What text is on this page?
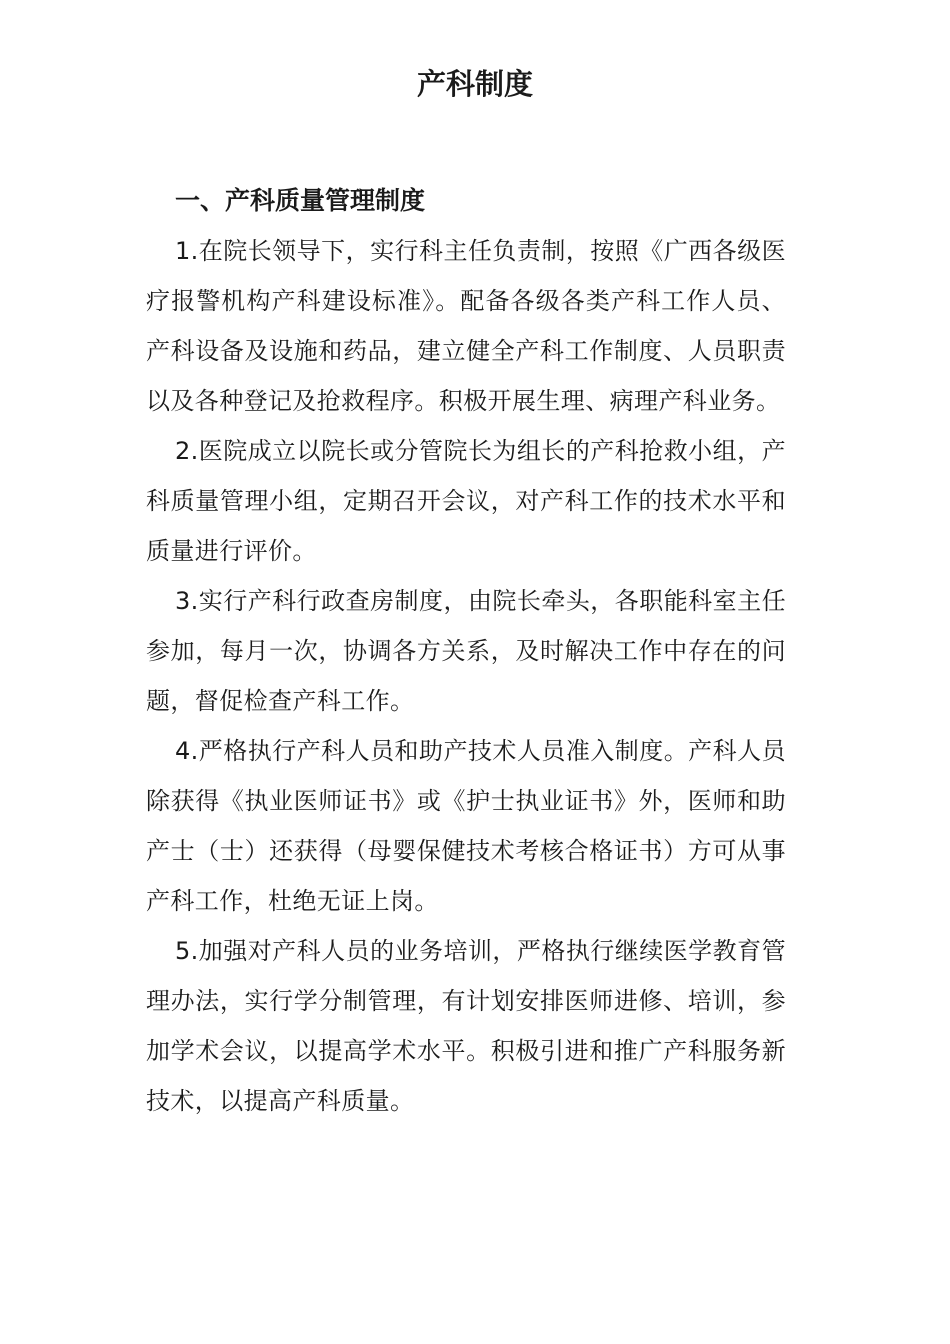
产科制度
一、产科质量管理制度

1.在院长领导下，实行科主任负责制，按照《广西各级医疗报警机构产科建设标准》。配备各级各类产科工作人员、产科设备及设施和药品，建立健全产科工作制度、人员职责以及各种登记及抢救程序。积极开展生理、病理产科业务。

2.医院成立以院长或分管院长为组长的产科抢救小组，产科质量管理小组，定期召开会议，对产科工作的技术水平和质量进行评价。

3.实行产科行政查房制度，由院长牵头，各职能科室主任参加，每月一次，协调各方关系，及时解决工作中存在的问题，督促检查产科工作。

4.严格执行产科人员和助产技术人员准入制度。产科人员除获得《执业医师证书》或《护士执业证书》外，医师和助产士（士）还获得（母婴保健技术考核合格证书）方可从事产科工作，杜绝无证上岗。

5.加强对产科人员的业务培训，严格执行继续医学教育管理办法，实行学分制管理，有计划安排医师进修、培训，参加学术会议，以提高学术水平。积极引进和推广产科服务新技术，以提高产科质量。
